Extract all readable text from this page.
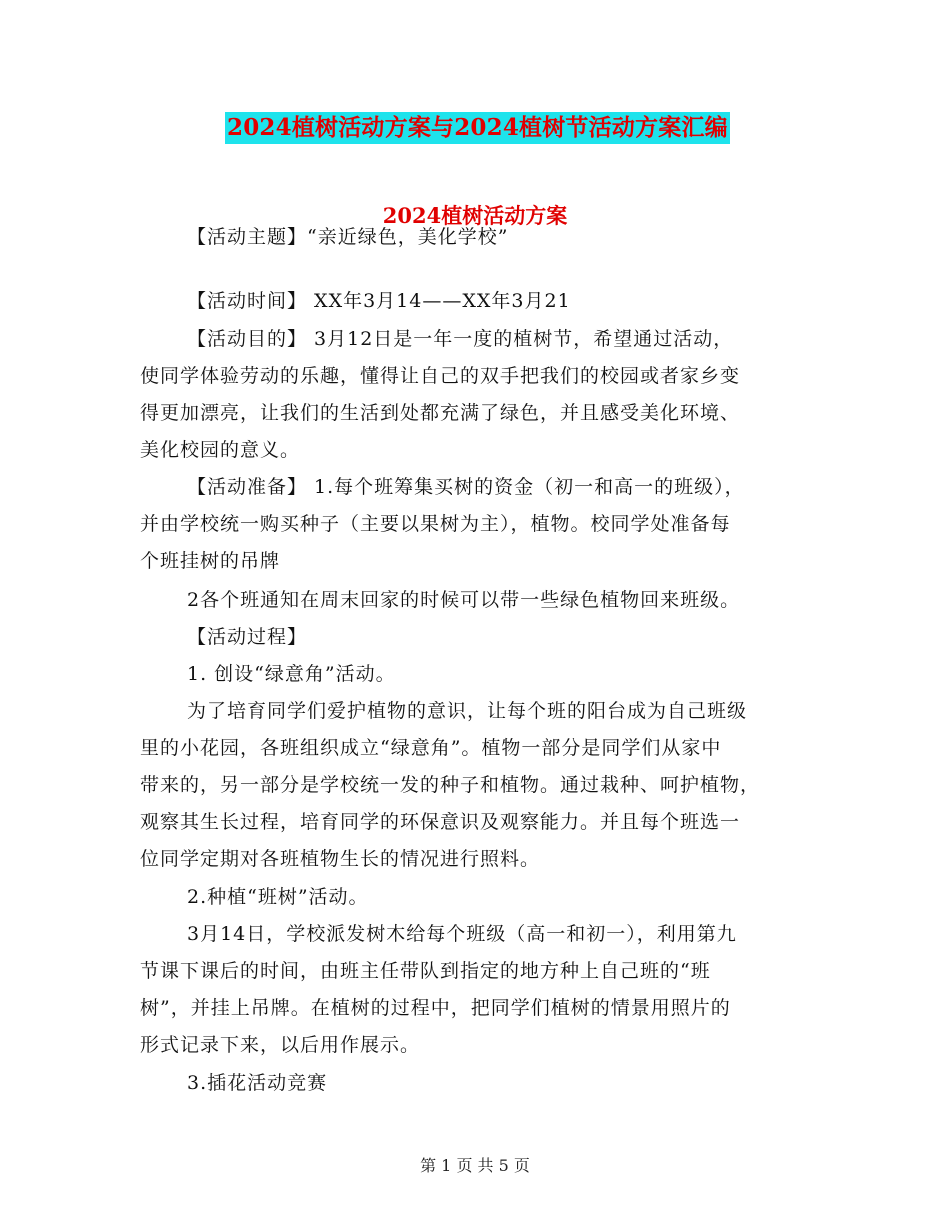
2024植树活动方案与2024植树节活动方案汇编
2024植树活动方案
【活动主题】“亲近绿色，美化学校”
【活动时间】 XX年3月14——XX年3月21
【活动目的】 3月12日是一年一度的植树节，希望通过活动，
使同学体验劳动的乐趣，懂得让自己的双手把我们的校园或者家乡变
得更加漂亮，让我们的生活到处都充满了绿色，并且感受美化环境、
美化校园的意义。
【活动准备】 1.每个班筹集买树的资金（初一和高一的班级），
并由学校统一购买种子（主要以果树为主），植物。校同学处准备每
个班挂树的吊牌
2各个班通知在周末回家的时候可以带一些绿色植物回来班级。
【活动过程】
1. 创设“绿意角”活动。
为了培育同学们爱护植物的意识，让每个班的阳台成为自己班级
里的小花园，各班组织成立“绿意角”。植物一部分是同学们从家中
带来的，另一部分是学校统一发的种子和植物。通过栽种、呵护植物，
观察其生长过程，培育同学的环保意识及观察能力。并且每个班选一
位同学定期对各班植物生长的情况进行照料。
2.种植“班树”活动。
3月14日，学校派发树木给每个班级（高一和初一），利用第九
节课下课后的时间，由班主任带队到指定的地方种上自己班的“班
树”，并挂上吊牌。在植树的过程中，把同学们植树的情景用照片的
形式记录下来，以后用作展示。
3.插花活动竞赛
第 1 页 共 5 页
